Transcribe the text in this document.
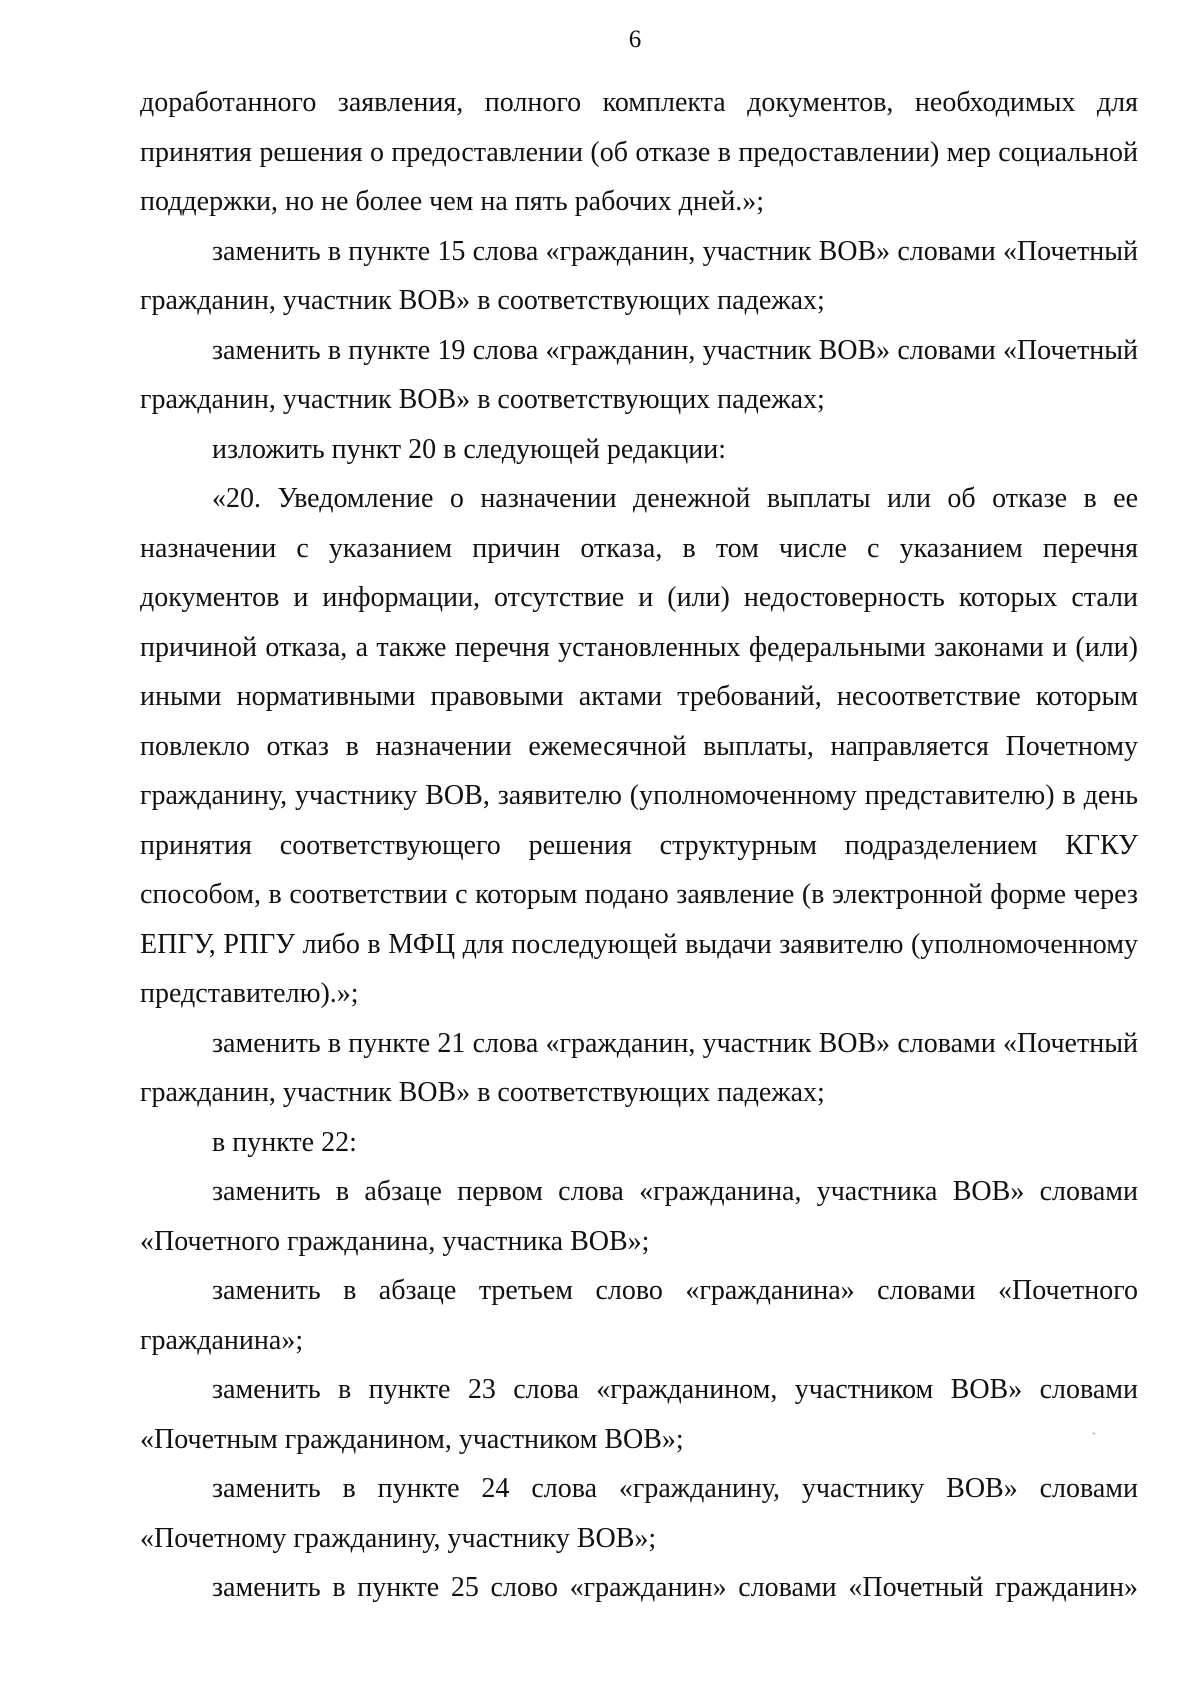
6

доработанного заявления, полного комплекта документов, необходимых для принятия решения о предоставлении (об отказе в предоставлении) мер социальной поддержки, но не более чем на пять рабочих дней.»;

заменить в пункте 15 слова «гражданин, участник ВОВ» словами «Почетный гражданин, участник ВОВ» в соответствующих падежах;

заменить в пункте 19 слова «гражданин, участник ВОВ» словами «Почетный гражданин, участник ВОВ» в соответствующих падежах;

изложить пункт 20 в следующей редакции:

«20. Уведомление о назначении денежной выплаты или об отказе в ее назначении с указанием причин отказа, в том числе с указанием перечня документов и информации, отсутствие и (или) недостоверность которых стали причиной отказа, а также перечня установленных федеральными законами и (или) иными нормативными правовыми актами требований, несоответствие которым повлекло отказ в назначении ежемесячной выплаты, направляется Почетному гражданину, участнику ВОВ, заявителю (уполномоченному представителю) в день принятия соответствующего решения структурным подразделением КГКУ способом, в соответствии с которым подано заявление (в электронной форме через ЕПГУ, РПГУ либо в МФЦ для последующей выдачи заявителю (уполномоченному представителю).»;

заменить в пункте 21 слова «гражданин, участник ВОВ» словами «Почетный гражданин, участник ВОВ» в соответствующих падежах;

в пункте 22:

заменить в абзаце первом слова «гражданина, участника ВОВ» словами «Почетного гражданина, участника ВОВ»;

заменить в абзаце третьем слово «гражданина» словами «Почетного гражданина»;

заменить в пункте 23 слова «гражданином, участником ВОВ» словами «Почетным гражданином, участником ВОВ»;

заменить в пункте 24 слова «гражданину, участнику ВОВ» словами «Почетному гражданину, участнику ВОВ»;

заменить в пункте 25 слово «гражданин» словами «Почетный гражданин»

`
